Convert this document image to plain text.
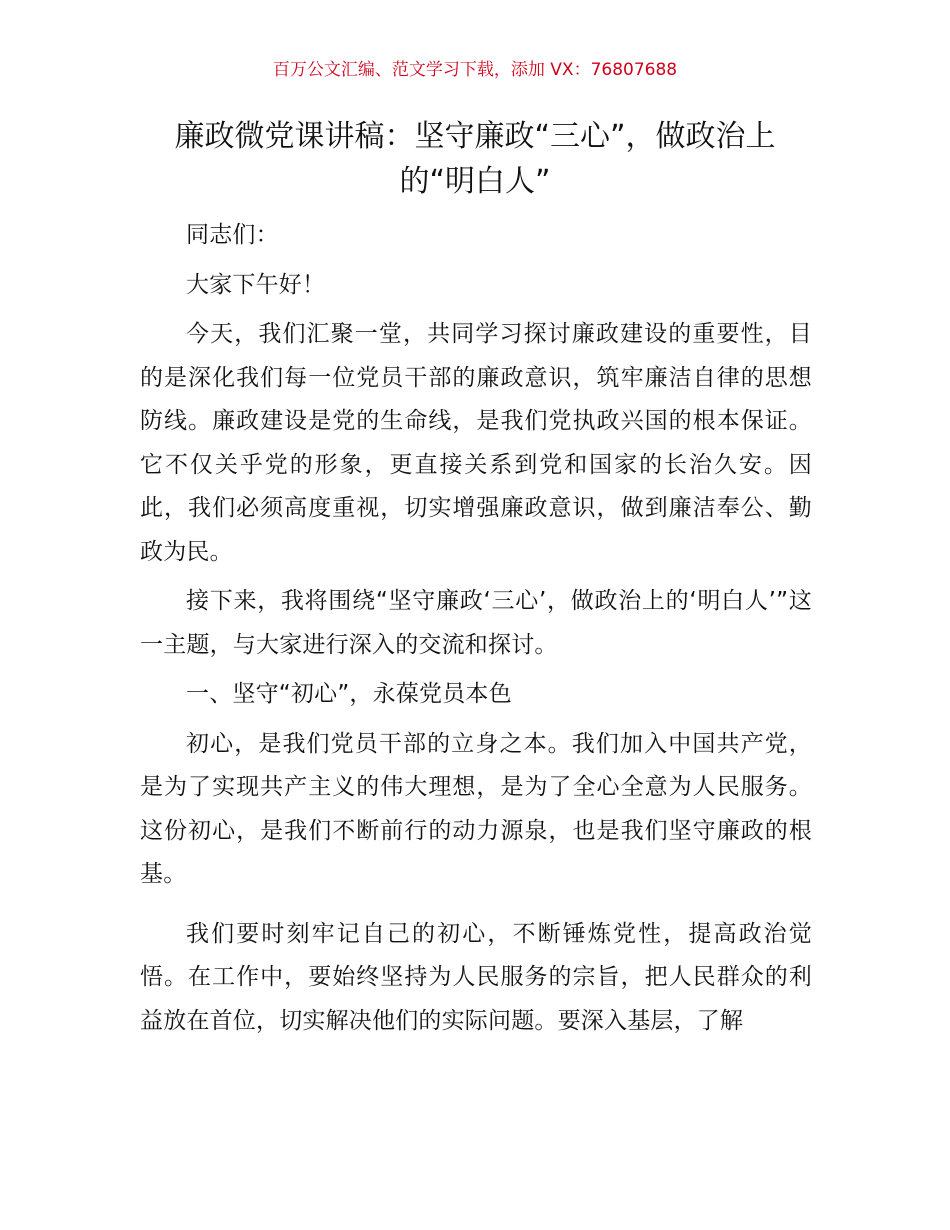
百万公文汇编、范文学习下载，添加 VX：76807688
廉政微党课讲稿：坚守廉政“三心”，做政治上的“明白人”

同志们：

大家下午好！

今天，我们汇聚一堂，共同学习探讨廉政建设的重要性，目的是深化我们每一位党员干部的廉政意识，筑牢廉洁自律的思想防线。廉政建设是党的生命线，是我们党执政兴国的根本保证。它不仅关乎党的形象，更直接关系到党和国家的长治久安。因此，我们必须高度重视，切实增强廉政意识，做到廉洁奉公、勤政为民。

接下来，我将围绕“坚守廉政‘三心’，做政治上的‘明白人’”这一主题，与大家进行深入的交流和探讨。

一、坚守“初心”，永葆党员本色

初心，是我们党员干部的立身之本。我们加入中国共产党，是为了实现共产主义的伟大理想，是为了全心全意为人民服务。这份初心，是我们不断前行的动力源泉，也是我们坚守廉政的根基。

我们要时刻牢记自己的初心，不断锤炼党性，提高政治觉悟。在工作中，要始终坚持为人民服务的宗旨，把人民群众的利益放在首位，切实解决他们的实际问题。要深入基层，了解
